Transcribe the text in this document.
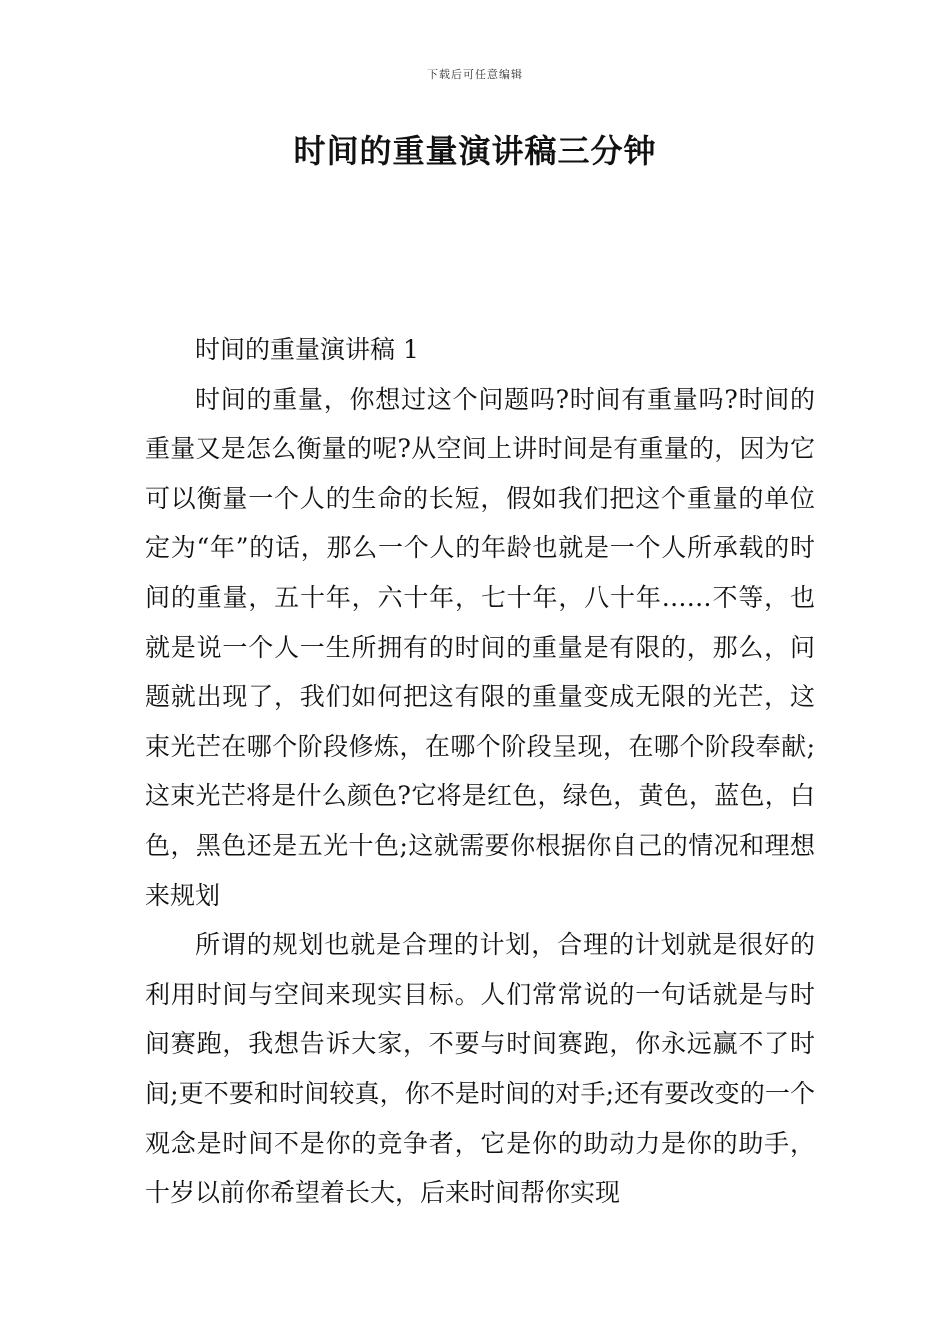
下载后可任意编辑
时间的重量演讲稿三分钟

时间的重量演讲稿 1

时间的重量，你想过这个问题吗?时间有重量吗?时间的重量又是怎么衡量的呢?从空间上讲时间是有重量的，因为它可以衡量一个人的生命的长短，假如我们把这个重量的单位定为“年”的话，那么一个人的年龄也就是一个人所承载的时间的重量，五十年，六十年，七十年，八十年……不等，也就是说一个人一生所拥有的时间的重量是有限的，那么，问题就出现了，我们如何把这有限的重量变成无限的光芒，这束光芒在哪个阶段修炼，在哪个阶段呈现，在哪个阶段奉献;这束光芒将是什么颜色?它将是红色，绿色，黄色，蓝色，白色，黑色还是五光十色;这就需要你根据你自己的情况和理想来规划

所谓的规划也就是合理的计划，合理的计划就是很好的利用时间与空间来现实目标。人们常常说的一句话就是与时间赛跑，我想告诉大家，不要与时间赛跑，你永远赢不了时间;更不要和时间较真，你不是时间的对手;还有要改变的一个观念是时间不是你的竞争者，它是你的助动力是你的助手，十岁以前你希望着长大，后来时间帮你实现
